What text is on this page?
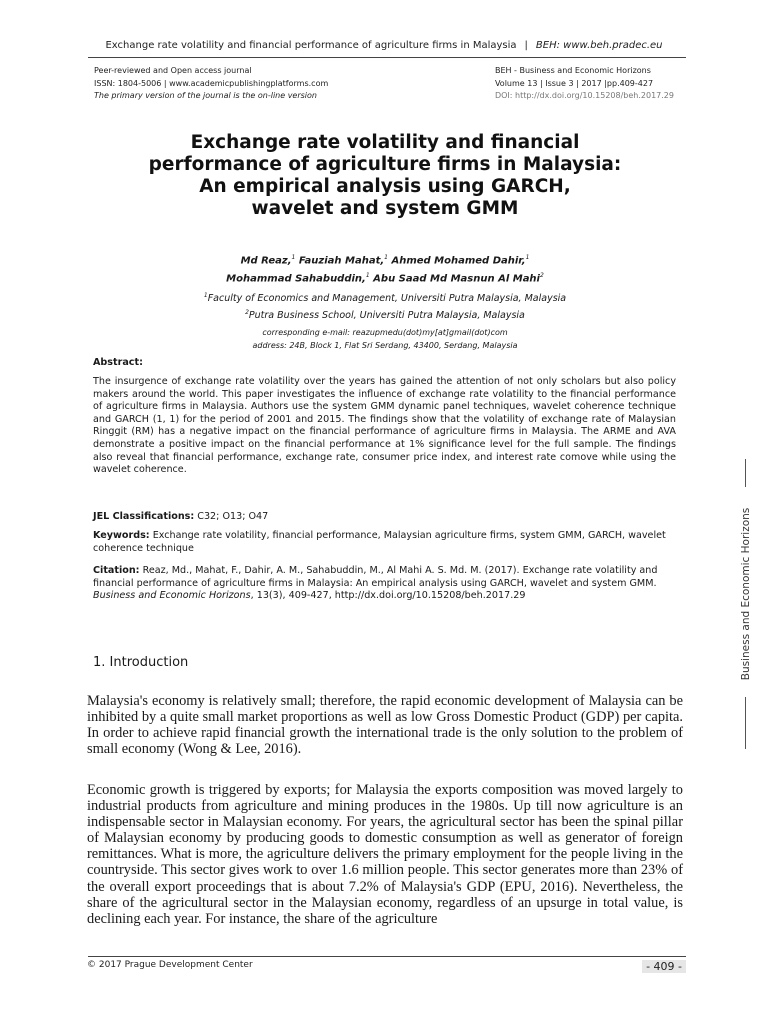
Exchange rate volatility and financial performance of agriculture firms in Malaysia | BEH: www.beh.pradec.eu
Peer-reviewed and Open access journal
ISSN: 1804-5006 | www.academicpublishingplatforms.com
The primary version of the journal is the on-line version
BEH - Business and Economic Horizons
Volume 13 | Issue 3 | 2017 |pp.409-427
DOI: http://dx.doi.org/10.15208/beh.2017.29
Exchange rate volatility and financial
performance of agriculture firms in Malaysia:
An empirical analysis using GARCH,
wavelet and system GMM
Md Reaz,$^1$ Fauziah Mahat,$^1$ Ahmed Mohamed Dahir,$^1$
Mohammad Sahabuddin,$^1$ Abu Saad Md Masnun Al Mahi$^2$
$^1$Faculty of Economics and Management, Universiti Putra Malaysia, Malaysia
$^2$Putra Business School, Universiti Putra Malaysia, Malaysia
corresponding e-mail: reazupmedu(dot)my[at]gmail(dot)com
address: 24B, Block 1, Flat Sri Serdang, 43400, Serdang, Malaysia
Abstract:
The insurgence of exchange rate volatility over the years has gained the attention of not only scholars but also policy makers around the world. This paper investigates the influence of exchange rate volatility to the financial performance of agriculture firms in Malaysia. Authors use the system GMM dynamic panel techniques, wavelet coherence technique and GARCH (1, 1) for the period of 2001 and 2015. The findings show that the volatility of exchange rate of Malaysian Ringgit (RM) has a negative impact on the financial performance of agriculture firms in Malaysia. The ARME and AVA demonstrate a positive impact on the financial performance at 1% significance level for the full sample. The findings also reveal that financial performance, exchange rate, consumer price index, and interest rate comove while using the wavelet coherence.
JEL Classifications: C32; O13; O47
Keywords: Exchange rate volatility, financial performance, Malaysian agriculture firms, system GMM, GARCH, wavelet coherence technique
Citation: Reaz, Md., Mahat, F., Dahir, A. M., Sahabuddin, M., Al Mahi A. S. Md. M. (2017). Exchange rate volatility and financial performance of agriculture firms in Malaysia: An empirical analysis using GARCH, wavelet and system GMM. Business and Economic Horizons, 13(3), 409-427, http://dx.doi.org/10.15208/beh.2017.29
1. Introduction

Malaysia's economy is relatively small; therefore, the rapid economic development of Malaysia can be inhibited by a quite small market proportions as well as low Gross Domestic Product (GDP) per capita. In order to achieve rapid financial growth the international trade is the only solution to the problem of small economy (Wong & Lee, 2016).

Economic growth is triggered by exports; for Malaysia the exports composition was moved largely to industrial products from agriculture and mining produces in the 1980s. Up till now agriculture is an indispensable sector in Malaysian economy. For years, the agricultural sector has been the spinal pillar of Malaysian economy by producing goods to domestic consumption as well as generator of foreign remittances. What is more, the agriculture delivers the primary employment for the people living in the countryside. This sector gives work to over 1.6 million people. This sector generates more than 23% of the overall export proceedings that is about 7.2% of Malaysia's GDP (EPU, 2016). Nevertheless, the share of the agricultural sector in the Malaysian economy, regardless of an upsurge in total value, is declining each year. For instance, the share of the agriculture

Business and Economic Horizons
© 2017 Prague Development Center	- 409 -
